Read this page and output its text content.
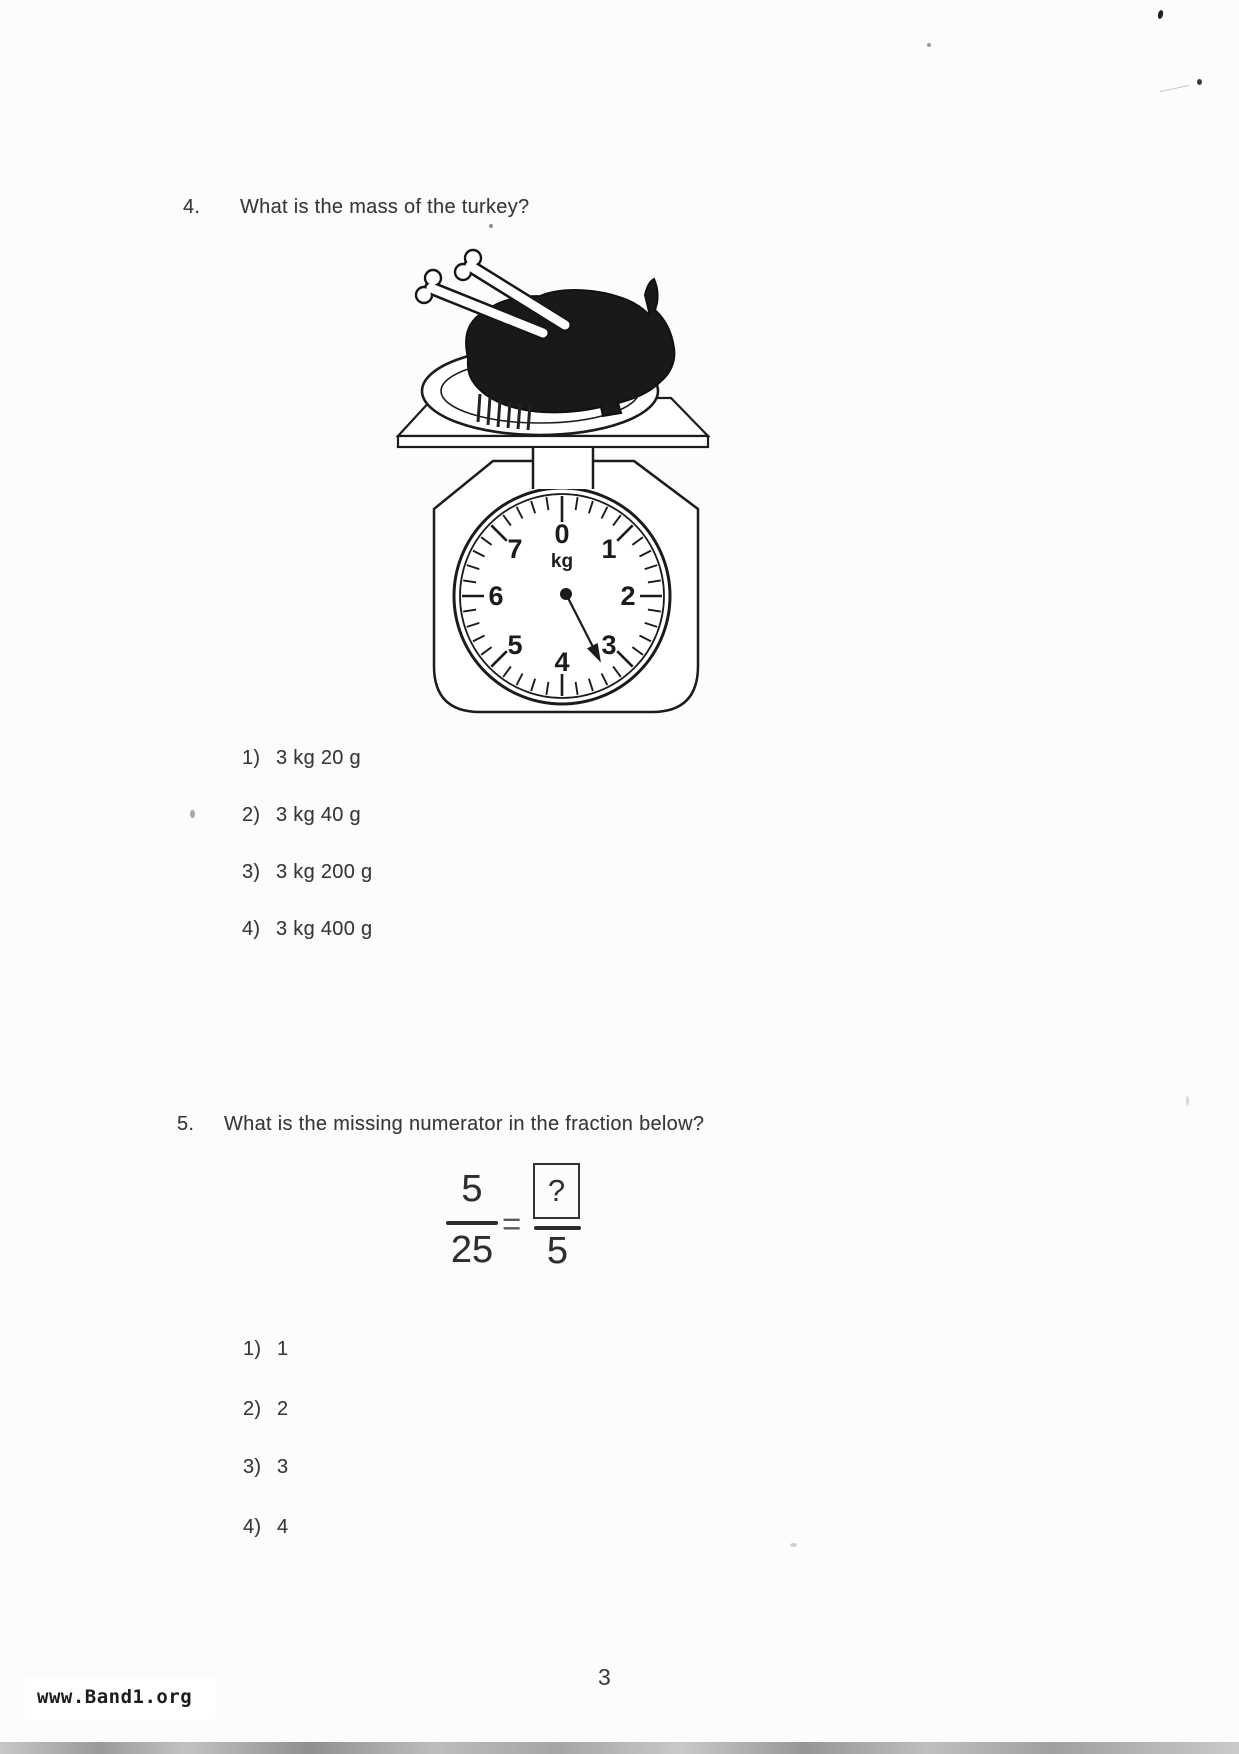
4. What is the mass of the turkey?
0 1
2
3
4
5
6
7 kg
1) 3 kg 20 g
2) 3 kg 40 g
3) 3 kg 200 g
4) 3 kg 400 g
5. What is the missing numerator in the fraction below?
5
25
=
?
5
1) 1
2) 2
3) 3
4) 4
www.Band1.org
3
